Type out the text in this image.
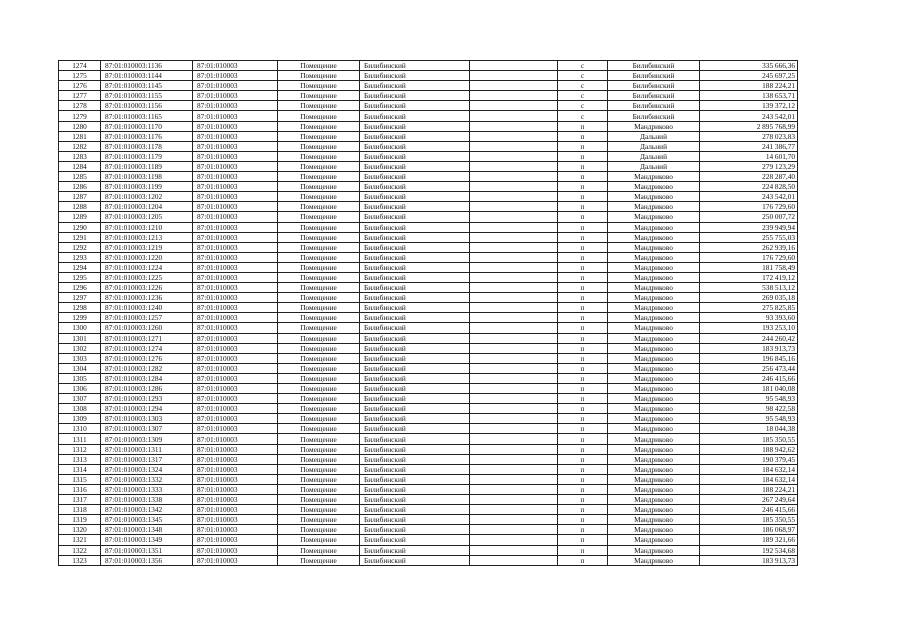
1274	87:01:010003:1136	87:01:010003	Помещение	Билибинский		с	Билибинский	335 666,36
1275	87:01:010003:1144	87:01:010003	Помещение	Билибинский		с	Билибинский	245 697,25
1276	87:01:010003:1145	87:01:010003	Помещение	Билибинский		с	Билибинский	188 224,21
1277	87:01:010003:1155	87:01:010003	Помещение	Билибинский		с	Билибинский	138 653,71
1278	87:01:010003:1156	87:01:010003	Помещение	Билибинский		с	Билибинский	139 372,12
1279	87:01:010003:1165	87:01:010003	Помещение	Билибинский		с	Билибинский	243 542,01
1280	87:01:010003:1170	87:01:010003	Помещение	Билибинский		п	Мандриково	2 895 768,99
1281	87:01:010003:1176	87:01:010003	Помещение	Билибинский		п	Дальний	278 023,83
1282	87:01:010003:1178	87:01:010003	Помещение	Билибинский		п	Дальний	241 386,77
1283	87:01:010003:1179	87:01:010003	Помещение	Билибинский		п	Дальний	14 601,70
1284	87:01:010003:1189	87:01:010003	Помещение	Билибинский		п	Дальний	279 123,29
1285	87:01:010003:1198	87:01:010003	Помещение	Билибинский		п	Мандриково	228 287,40
1286	87:01:010003:1199	87:01:010003	Помещение	Билибинский		п	Мандриково	224 828,50
1287	87:01:010003:1202	87:01:010003	Помещение	Билибинский		п	Мандриково	243 542,01
1288	87:01:010003:1204	87:01:010003	Помещение	Билибинский		п	Мандриково	176 729,60
1289	87:01:010003:1205	87:01:010003	Помещение	Билибинский		п	Мандриково	250 007,72
1290	87:01:010003:1210	87:01:010003	Помещение	Билибинский		п	Мандриково	239 949,94
1291	87:01:010003:1213	87:01:010003	Помещение	Билибинский		п	Мандриково	255 755,03
1292	87:01:010003:1219	87:01:010003	Помещение	Билибинский		п	Мандриково	262 939,16
1293	87:01:010003:1220	87:01:010003	Помещение	Билибинский		п	Мандриково	176 729,60
1294	87:01:010003:1224	87:01:010003	Помещение	Билибинский		п	Мандриково	181 758,49
1295	87:01:010003:1225	87:01:010003	Помещение	Билибинский		п	Мандриково	172 419,12
1296	87:01:010003:1226	87:01:010003	Помещение	Билибинский		п	Мандриково	538 513,12
1297	87:01:010003:1236	87:01:010003	Помещение	Билибинский		п	Мандриково	269 035,18
1298	87:01:010003:1240	87:01:010003	Помещение	Билибинский		п	Мандриково	275 825,85
1299	87:01:010003:1257	87:01:010003	Помещение	Билибинский		п	Мандриково	93 393,60
1300	87:01:010003:1260	87:01:010003	Помещение	Билибинский		п	Мандриково	193 253,10
1301	87:01:010003:1271	87:01:010003	Помещение	Билибинский		п	Мандриково	244 260,42
1302	87:01:010003:1274	87:01:010003	Помещение	Билибинский		п	Мандриково	183 913,73
1303	87:01:010003:1276	87:01:010003	Помещение	Билибинский		п	Мандриково	196 845,16
1304	87:01:010003:1282	87:01:010003	Помещение	Билибинский		п	Мандриково	256 473,44
1305	87:01:010003:1284	87:01:010003	Помещение	Билибинский		п	Мандриково	246 415,66
1306	87:01:010003:1286	87:01:010003	Помещение	Билибинский		п	Мандриково	181 040,08
1307	87:01:010003:1293	87:01:010003	Помещение	Билибинский		п	Мандриково	95 548,93
1308	87:01:010003:1294	87:01:010003	Помещение	Билибинский		п	Мандриково	98 422,58
1309	87:01:010003:1303	87:01:010003	Помещение	Билибинский		п	Мандриково	95 548,93
1310	87:01:010003:1307	87:01:010003	Помещение	Билибинский		п	Мандриково	18 044,38
1311	87:01:010003:1309	87:01:010003	Помещение	Билибинский		п	Мандриково	185 350,55
1312	87:01:010003:1311	87:01:010003	Помещение	Билибинский		п	Мандриково	188 942,62
1313	87:01:010003:1317	87:01:010003	Помещение	Билибинский		п	Мандриково	190 379,45
1314	87:01:010003:1324	87:01:010003	Помещение	Билибинский		п	Мандриково	184 632,14
1315	87:01:010003:1332	87:01:010003	Помещение	Билибинский		п	Мандриково	184 632,14
1316	87:01:010003:1333	87:01:010003	Помещение	Билибинский		п	Мандриково	188 224,21
1317	87:01:010003:1338	87:01:010003	Помещение	Билибинский		п	Мандриково	267 249,64
1318	87:01:010003:1342	87:01:010003	Помещение	Билибинский		п	Мандриково	246 415,66
1319	87:01:010003:1345	87:01:010003	Помещение	Билибинский		п	Мандриково	185 350,55
1320	87:01:010003:1348	87:01:010003	Помещение	Билибинский		п	Мандриково	186 068,97
1321	87:01:010003:1349	87:01:010003	Помещение	Билибинский		п	Мандриково	189 321,66
1322	87:01:010003:1351	87:01:010003	Помещение	Билибинский		п	Мандриково	192 534,68
1323	87:01:010003:1356	87:01:010003	Помещение	Билибинский		п	Мандриково	183 913,73
